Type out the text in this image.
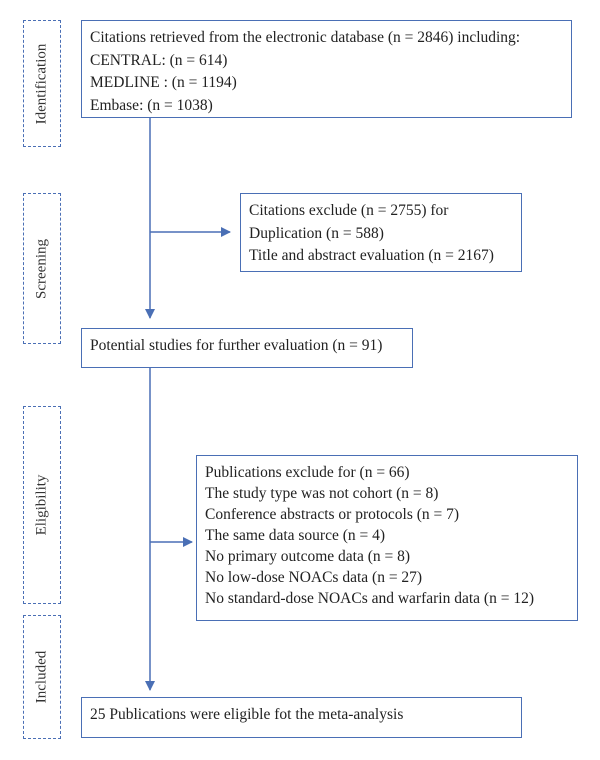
Identification
Screening
Eligibility
Included
Citations retrieved from the electronic database (n = 2846) including:
CENTRAL: (n = 614)
MEDLINE : (n = 1194)
Embase: (n = 1038)
Citations exclude (n = 2755) for
Duplication (n = 588)
Title and abstract evaluation (n = 2167)
Potential studies for further evaluation (n = 91)
Publications exclude for (n = 66)
The study type was not cohort (n = 8)
Conference abstracts or protocols (n = 7)
The same data source (n = 4)
No primary outcome data (n = 8)
No low-dose NOACs data (n = 27)
No standard-dose NOACs and warfarin data (n = 12)
25 Publications were eligible fot the meta-analysis
